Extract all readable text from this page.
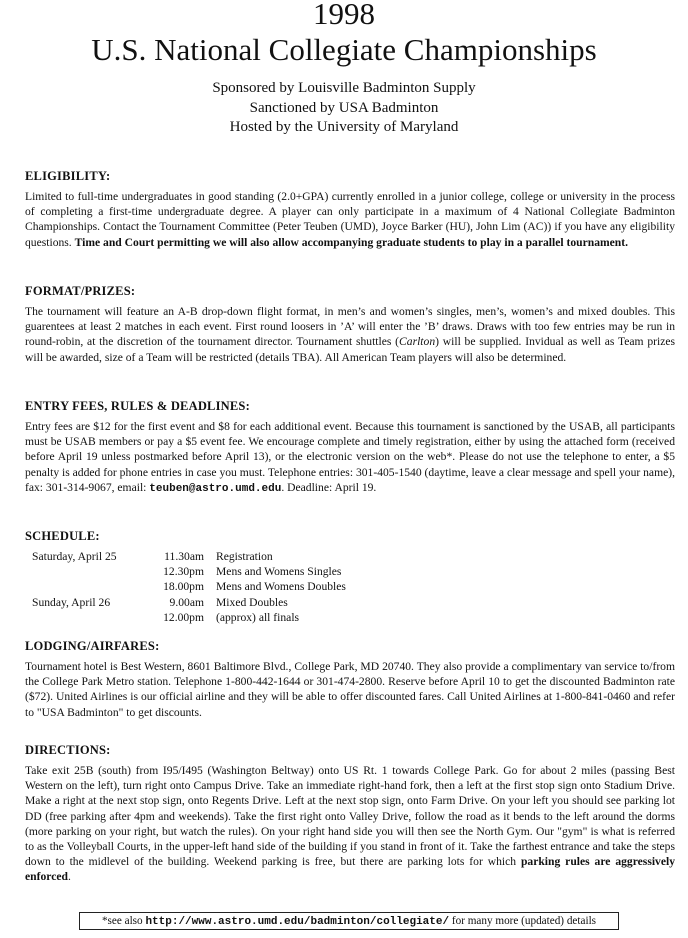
1998
U.S. National Collegiate Championships
Sponsored by Louisville Badminton Supply
Sanctioned by USA Badminton
Hosted by the University of Maryland
ELIGIBILITY:
Limited to full-time undergraduates in good standing (2.0+GPA) currently enrolled in a junior college, college or university in the process of completing a first-time undergraduate degree. A player can only participate in a maximum of 4 National Collegiate Badminton Championships. Contact the Tournament Committee (Peter Teuben (UMD), Joyce Barker (HU), John Lim (AC)) if you have any eligibility questions. Time and Court permitting we will also allow accompanying graduate students to play in a parallel tournament.
FORMAT/PRIZES:
The tournament will feature an A-B drop-down flight format, in men’s and women’s singles, men’s, women’s and mixed doubles. This guarentees at least 2 matches in each event. First round loosers in ’A’ will enter the ’B’ draws. Draws with too few entries may be run in round-robin, at the discretion of the tournament director. Tournament shuttles (Carlton) will be supplied. Invidual as well as Team prizes will be awarded, size of a Team will be restricted (details TBA). All American Team players will also be determined.
ENTRY FEES, RULES & DEADLINES:
Entry fees are $12 for the first event and $8 for each additional event. Because this tournament is sanctioned by the USAB, all participants must be USAB members or pay a $5 event fee. We encourage complete and timely registration, either by using the attached form (received before April 19 unless postmarked before April 13), or the electronic version on the web*. Please do not use the telephone to enter, a $5 penalty is added for phone entries in case you must. Telephone entries: 301-405-1540 (daytime, leave a clear message and spell your name), fax: 301-314-9067, email: teuben@astro.umd.edu. Deadline: April 19.
SCHEDULE:
Saturday, April 25	11.30am	Registration
12.30pm	Mens and Womens Singles
18.00pm	Mens and Womens Doubles
Sunday, April 26	9.00am	Mixed Doubles
12.00pm	(approx) all finals
LODGING/AIRFARES:
Tournament hotel is Best Western, 8601 Baltimore Blvd., College Park, MD 20740. They also provide a complimentary van service to/from the College Park Metro station. Telephone 1-800-442-1644 or 301-474-2800. Reserve before April 10 to get the discounted Badminton rate ($72). United Airlines is our official airline and they will be able to offer discounted fares. Call United Airlines at 1-800-841-0460 and refer to "USA Badminton" to get discounts.
DIRECTIONS:
Take exit 25B (south) from I95/I495 (Washington Beltway) onto US Rt. 1 towards College Park. Go for about 2 miles (passing Best Western on the left), turn right onto Campus Drive. Take an immediate right-hand fork, then a left at the first stop sign onto Stadium Drive. Make a right at the next stop sign, onto Regents Drive. Left at the next stop sign, onto Farm Drive. On your left you should see parking lot DD (free parking after 4pm and weekends). Take the first right onto Valley Drive, follow the road as it bends to the left around the dorms (more parking on your right, but watch the rules). On your right hand side you will then see the North Gym. Our "gym" is what is referred to as the Volleyball Courts, in the upper-left hand side of the building if you stand in front of it. Take the farthest entrance and take the steps down to the midlevel of the building. Weekend parking is free, but there are parking lots for which parking rules are aggressively enforced.
*see also http://www.astro.umd.edu/badminton/collegiate/ for many more (updated) details
